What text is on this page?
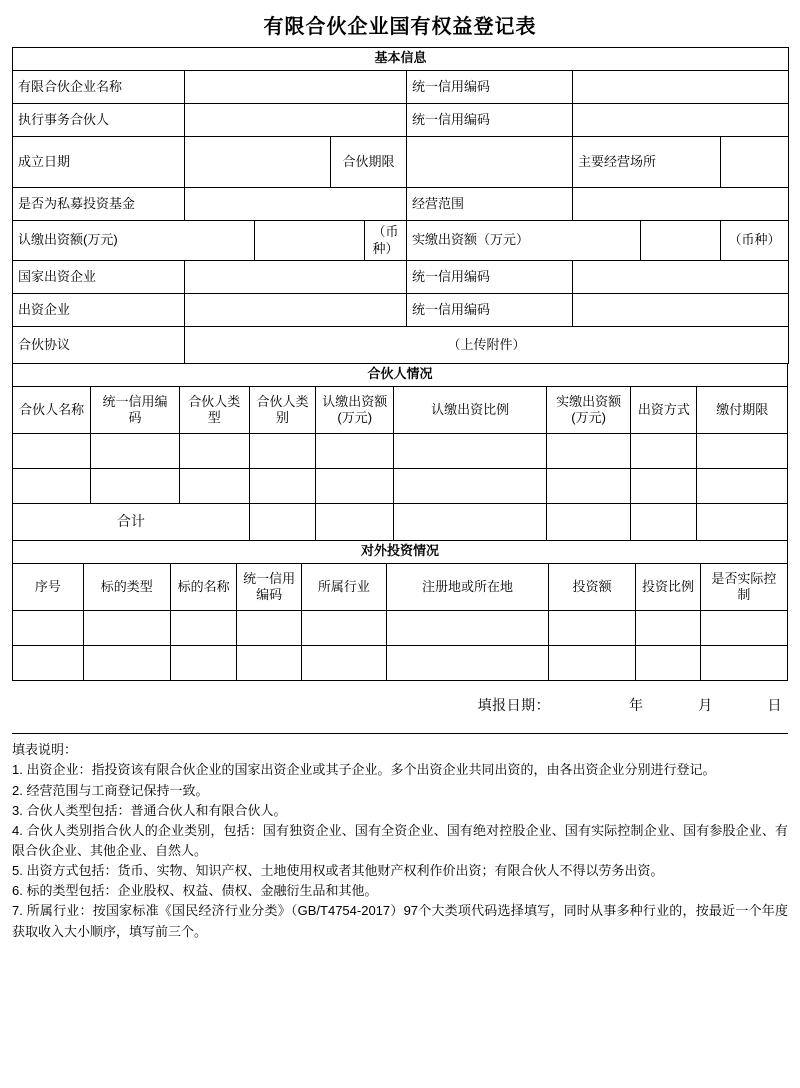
有限合伙企业国有权益登记表
基本信息								
有限合伙企业名称					统一信用编码			
执行事务合伙人					统一信用编码			
成立日期			合伙期限			主要经营场所		
是否为私募投资基金					经营范围			
认缴出资额(万元)				（币种）	实缴出资额（万元）			（币种）
国家出资企业					统一信用编码			
出资企业					统一信用编码			
合伙协议	（上传附件）							
合伙人情况								
合伙人名称	统一信用编码	合伙人类型	合伙人类别	认缴出资额(万元)	认缴出资比例	实缴出资额(万元)	出资方式	缴付期限

合计								
对外投资情况								
序号	标的类型	标的名称	统一信用编码	所属行业	注册地或所在地	投资额	投资比例	是否实际控制

填报日期：	年	月	日

填表说明：

1. 出资企业：指投资该有限合伙企业的国家出资企业或其子企业。多个出资企业共同出资的，由各出资企业分别进行登记。

2. 经营范围与工商登记保持一致。

3. 合伙人类型包括：普通合伙人和有限合伙人。

4. 合伙人类别指合伙人的企业类别，包括：国有独资企业、国有全资企业、国有绝对控股企业、国有实际控制企业、国有参股企业、有限合伙企业、其他企业、自然人。

5. 出资方式包括：货币、实物、知识产权、土地使用权或者其他财产权利作价出资；有限合伙人不得以劳务出资。

6. 标的类型包括：企业股权、权益、债权、金融衍生品和其他。

7. 所属行业：按国家标准《国民经济行业分类》（GB/T4754-2017）97个大类项代码选择填写，同时从事多种行业的，按最近一个年度获取收入大小顺序，填写前三个。
